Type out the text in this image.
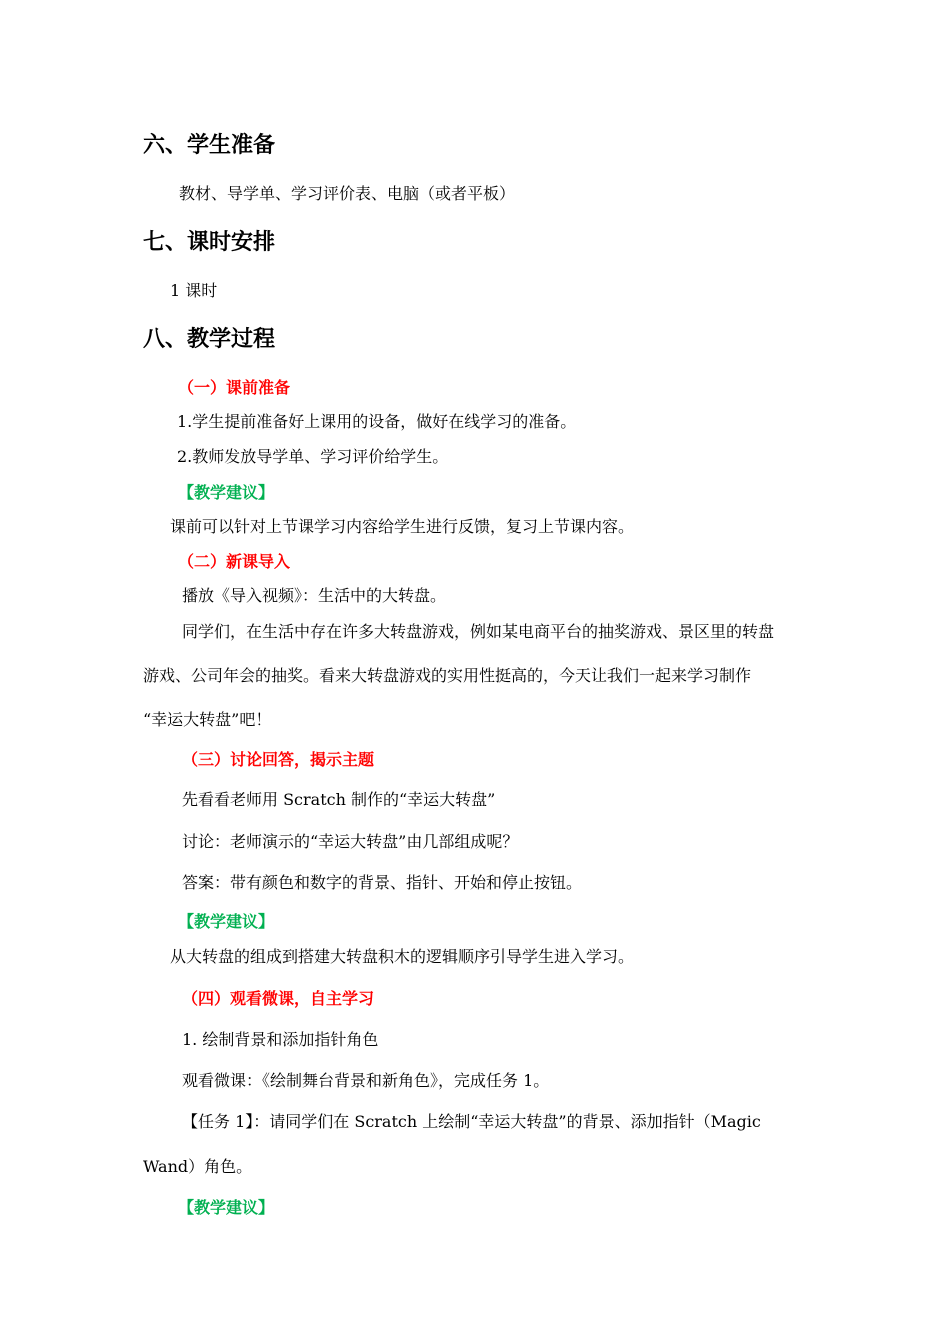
六、学生准备
教材、导学单、学习评价表、电脑（或者平板）
七、课时安排
1 课时
八、教学过程
（一）课前准备
1.学生提前准备好上课用的设备，做好在线学习的准备。
2.教师发放导学单、学习评价给学生。
【教学建议】
课前可以针对上节课学习内容给学生进行反馈，复习上节课内容。
（二）新课导入
播放《导入视频》：生活中的大转盘。
同学们，在生活中存在许多大转盘游戏，例如某电商平台的抽奖游戏、景区里的转盘
游戏、公司年会的抽奖。看来大转盘游戏的实用性挺高的，今天让我们一起来学习制作
“幸运大转盘”吧！
（三）讨论回答，揭示主题
先看看老师用 Scratch 制作的“幸运大转盘”
讨论：老师演示的“幸运大转盘”由几部组成呢？
答案：带有颜色和数字的背景、指针、开始和停止按钮。
【教学建议】
从大转盘的组成到搭建大转盘积木的逻辑顺序引导学生进入学习。
（四）观看微课，自主学习
1. 绘制背景和添加指针角色
观看微课：《绘制舞台背景和新角色》，完成任务 1。
【任务 1】：请同学们在 Scratch 上绘制“幸运大转盘”的背景、添加指针（Magic
Wand）角色。
【教学建议】
